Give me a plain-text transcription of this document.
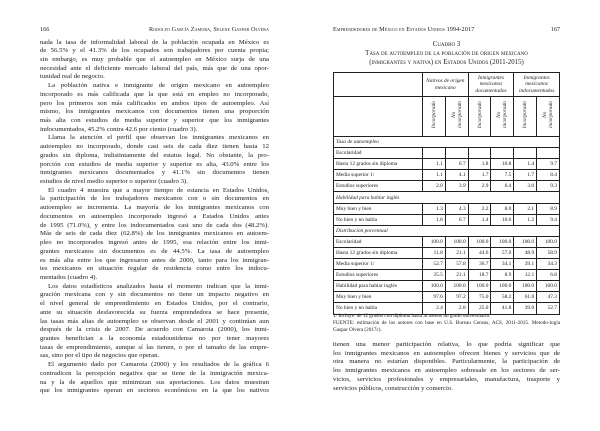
166	Rodolfo García Zamora, Selene Gaspar Olvera
nada la tasa de informalidad laboral de la población ocupada en México es
de 56.5% y el 41.3% de los ocupados son trabajadores por cuenta propia;
sin embargo, es muy probable que el autoempleo en México surja de una
necesidad ante el deficiente mercado laboral del país, más que de una opor-
tunidad real de negocio.
La población nativa e inmigrante de origen mexicano en autoempleo
incorporado es más calificada que la que está en empleo no incorporado,
pero los primeros son más calificados en ambos tipos de autoempleo. Así
mismo, los inmigrantes mexicanos con documentos tienen una proporción
más alta con estudios de media superior y superior que los inmigrantes
indocumentados, 45.2% contra 42.6 por ciento (cuadro 3).
Llama la atención el perfil que observan los inmigrantes mexicanos en
autoempleo no incorporado, donde casi seis de cada diez tienen hasta 12
grados sin diploma, indistintamente del estatus legal. No obstante, la pro-
porción con estudios de media superior y superior es alta, 43.0% entre los
inmigrantes mexicanos documentados y 41.1% sin documentos tienen
estudios de nivel medio superior o superior (cuadro 3).
El cuadro 4 muestra que a mayor tiempo de estancia en Estados Unidos,
la participación de los trabajadores mexicanos con o sin documentos en
autoempleo se incrementa. La mayoría de los inmigrantes mexicanos con
documentos en autoempleo incorporado ingresó a Estados Unidos antes
de 1995 (71.0%), y entre los indocumentados casi uno de cada dos (48.2%).
Más de seis de cada diez (62.8%) de los inmigrantes mexicanos en autoem-
pleo no incorporados ingresó antes de 1995, esa relación entre los inmi-
grantes mexicanos sin documentos es de 44.5%. La tasa de autoempleo
es más alta entre los que ingresaron antes de 2000, tanto para los inmigran-
tes mexicanos en situación regular de residencia como entre los indocu-
mentados (cuadro 4).
Los datos estadísticos analizados hasta el momento indican que la inmi-
gración mexicana con y sin documentos no tiene un impacto negativo en
el nivel general de emprendimiento en Estados Unidos, por el contrario,
ante su situación desfavorecida su fuerza emprendedora se hace presente,
las tasas más altas de autoempleo se observan desde el 2001 y continúan aun
después de la crisis de 2007. De acuerdo con Camarota (2000), los inmi-
grantes benefician a la economía estadounidense no por tener mayores
tasas de emprendimiento, aunque sí las tienen, o por el tamaño de las empre-
sas, sino por el tipo de negocios que operan.
El argumento dado por Camarota (2000) y los resultados de la gráfica 6
contradicen la percepción negativa que se tiene de la inmigración mexica-
na y la de aquellos que minimizan sus aportaciones. Los datos muestran
que los inmigrantes operan en sectores económicos en la que los nativos
Emprendedores de México en Estados Unidos 1994-2017	167
Cuadro 3
Tasa de autoempleo de la población de origen mexicano
(inmigrantes y nativa) en Estados Unidos (2011-2015)
	Nativos de origen mexicano		Inmigrantes mexicanos documentados		Inmigrantes mexicanos indocumentados	
	Incorporado	No incorporado	Incorporado	No incorporado	Incorporado	No incorporado
Tasa de autoempleo						
Escolaridad						
Hasta 12 grados sin diploma	1.1	6.7	1.8	10.8	1.4	9.7
Media superior 1/	1.1	4.1	1.7	7.5	1.7	8.4
Estudios superiores	2.0	3.9	2.9	6.4	3.0	9.3
Habilidad para hablar inglés						
Muy bien y bien	1.3	4.3	2.2	8.0	2.1	8.9
No bien y no habla	1.8	6.7	1.4	10.6	1.2	9.4
Distribución porcentual						
Escolaridad	100.0	100.0	100.0	100.0	100.0	100.0
Hasta 12 grados sin diploma	11.8	21.1	44.6	57.0	48.9	58.9
Media superior 1/	52.7	57.8	36.7	34.1	39.1	34.3
Estudios superiores	35.5	21.1	18.7	8.9	12.1	6.8
Habilidad para hablar inglés	100.0	100.0	100.0	100.0	100.0	100.0
Muy bien y bien	97.6	97.2	75.0	58.2	61.0	47.3
No bien y no habla	2.4	2.8	25.0	41.8	39.0	52.7
1/ Incluye: de 12 grados con diploma hasta al menos un grado universitario.
FUENTE: estimación de los autores con base en U.S. Bureau Census, ACS, 2011-2015. Metodo-logía Gaspar Olvera (2017c).
tienen una menor participación relativa, lo que podría significar que
los inmigrantes mexicanos en autoempleo ofrecen bienes y servicios que de
otra manera no estarían disponibles. Particularmente, la participación de
los inmigrantes mexicanos en autoempleo sobresale en los sectores de ser-
vicios, servicios profesionales y empresariales, manufactura, trasporte y
servicios públicos, construcción y comercio.
